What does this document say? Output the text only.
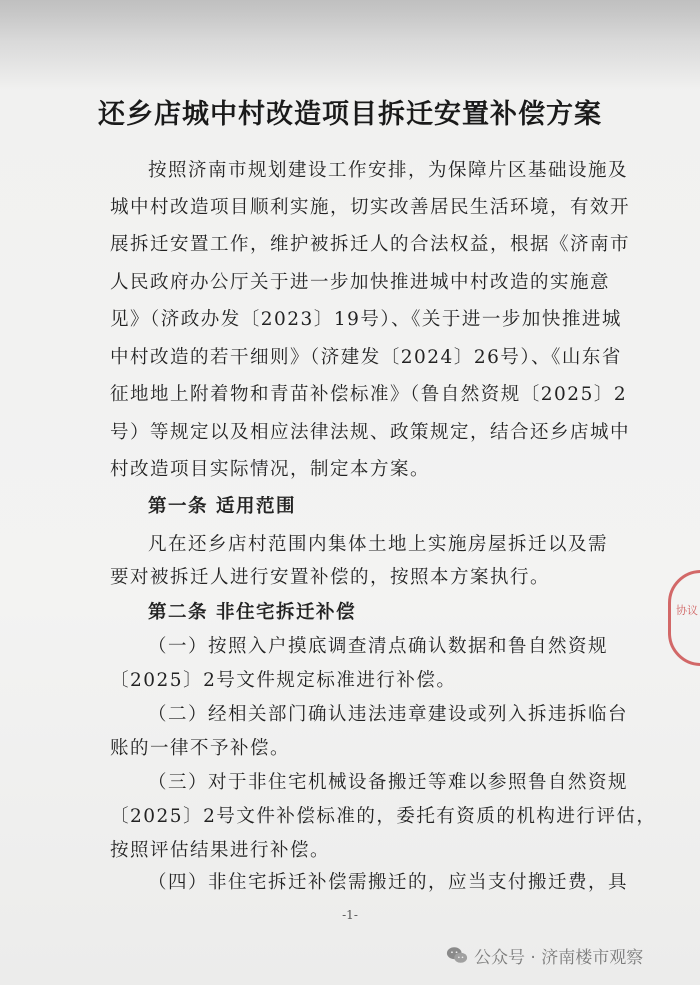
还乡店城中村改造项目拆迁安置补偿方案
按照济南市规划建设工作安排，为保障片区基础设施及
城中村改造项目顺利实施，切实改善居民生活环境，有效开
展拆迁安置工作，维护被拆迁人的合法权益，根据《济南市
人民政府办公厅关于进一步加快推进城中村改造的实施意
见》（济政办发〔2023〕19号）、《关于进一步加快推进城
中村改造的若干细则》（济建发〔2024〕26号）、《山东省
征地地上附着物和青苗补偿标准》（鲁自然资规〔2025〕2
号）等规定以及相应法律法规、政策规定，结合还乡店城中
村改造项目实际情况，制定本方案。
第一条 适用范围
凡在还乡店村范围内集体土地上实施房屋拆迁以及需
要对被拆迁人进行安置补偿的，按照本方案执行。
第二条 非住宅拆迁补偿
（一）按照入户摸底调查清点确认数据和鲁自然资规
〔2025〕2号文件规定标准进行补偿。
（二）经相关部门确认违法违章建设或列入拆违拆临台
账的一律不予补偿。
（三）对于非住宅机械设备搬迁等难以参照鲁自然资规
〔2025〕2号文件补偿标准的，委托有资质的机构进行评估，
按照评估结果进行补偿。
-1-
协议
公众号 · 济南楼市观察
（四）非住宅拆迁补偿需搬迁的，应当支付搬迁费，具
